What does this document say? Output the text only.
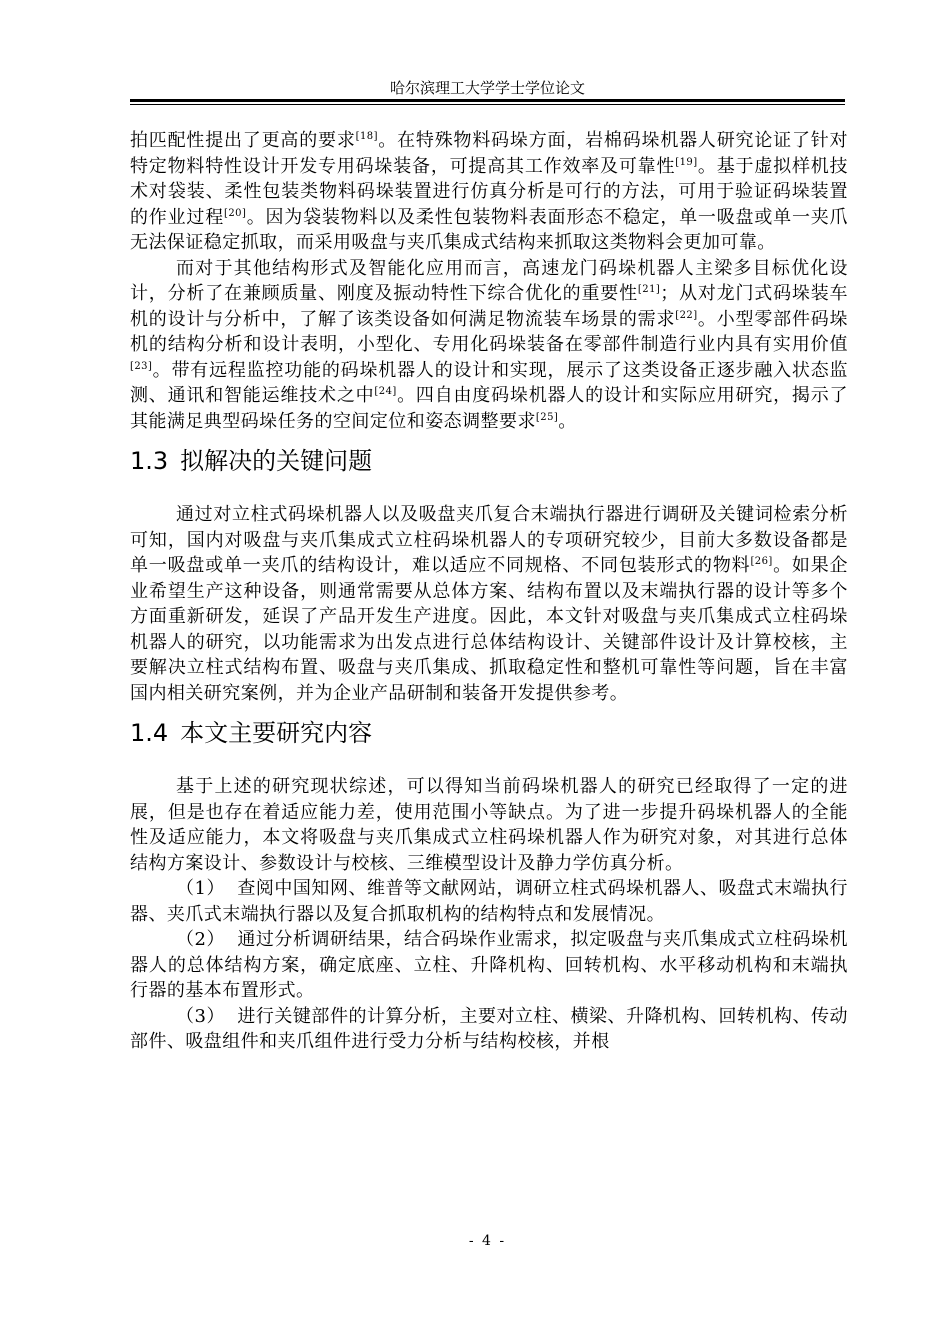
哈尔滨理工大学学士学位论文

拍匹配性提出了更高的要求[18]。在特殊物料码垛方面，岩棉码垛机器人研究论证了针对特定物料特性设计开发专用码垛装备，可提高其工作效率及可靠性[19]。基于虚拟样机技术对袋装、柔性包装类物料码垛装置进行仿真分析是可行的方法，可用于验证码垛装置的作业过程[20]。因为袋装物料以及柔性包装物料表面形态不稳定，单一吸盘或单一夹爪无法保证稳定抓取，而采用吸盘与夹爪集成式结构来抓取这类物料会更加可靠。

而对于其他结构形式及智能化应用而言，高速龙门码垛机器人主梁多目标优化设计，分析了在兼顾质量、刚度及振动特性下综合优化的重要性[21]；从对龙门式码垛装车机的设计与分析中，了解了该类设备如何满足物流装车场景的需求[22]。小型零部件码垛机的结构分析和设计表明，小型化、专用化码垛装备在零部件制造行业内具有实用价值[23]。带有远程监控功能的码垛机器人的设计和实现，展示了这类设备正逐步融入状态监测、通讯和智能运维技术之中[24]。四自由度码垛机器人的设计和实际应用研究，揭示了其能满足典型码垛任务的空间定位和姿态调整要求[25]。

1.3 拟解决的关键问题

通过对立柱式码垛机器人以及吸盘夹爪复合末端执行器进行调研及关键词检索分析可知，国内对吸盘与夹爪集成式立柱码垛机器人的专项研究较少，目前大多数设备都是单一吸盘或单一夹爪的结构设计，难以适应不同规格、不同包装形式的物料[26]。如果企业希望生产这种设备，则通常需要从总体方案、结构布置以及末端执行器的设计等多个方面重新研发，延误了产品开发生产进度。因此，本文针对吸盘与夹爪集成式立柱码垛机器人的研究，以功能需求为出发点进行总体结构设计、关键部件设计及计算校核，主要解决立柱式结构布置、吸盘与夹爪集成、抓取稳定性和整机可靠性等问题，旨在丰富国内相关研究案例，并为企业产品研制和装备开发提供参考。

1.4 本文主要研究内容

基于上述的研究现状综述，可以得知当前码垛机器人的研究已经取得了一定的进展，但是也存在着适应能力差，使用范围小等缺点。为了进一步提升码垛机器人的全能性及适应能力，本文将吸盘与夹爪集成式立柱码垛机器人作为研究对象，对其进行总体结构方案设计、参数设计与校核、三维模型设计及静力学仿真分析。

（1） 查阅中国知网、维普等文献网站，调研立柱式码垛机器人、吸盘式末端执行器、夹爪式末端执行器以及复合抓取机构的结构特点和发展情况。

（2） 通过分析调研结果，结合码垛作业需求，拟定吸盘与夹爪集成式立柱码垛机器人的总体结构方案，确定底座、立柱、升降机构、回转机构、水平移动机构和末端执行器的基本布置形式。

（3） 进行关键部件的计算分析，主要对立柱、横梁、升降机构、回转机构、传动部件、吸盘组件和夹爪组件进行受力分析与结构校核，并根

- 4 -
